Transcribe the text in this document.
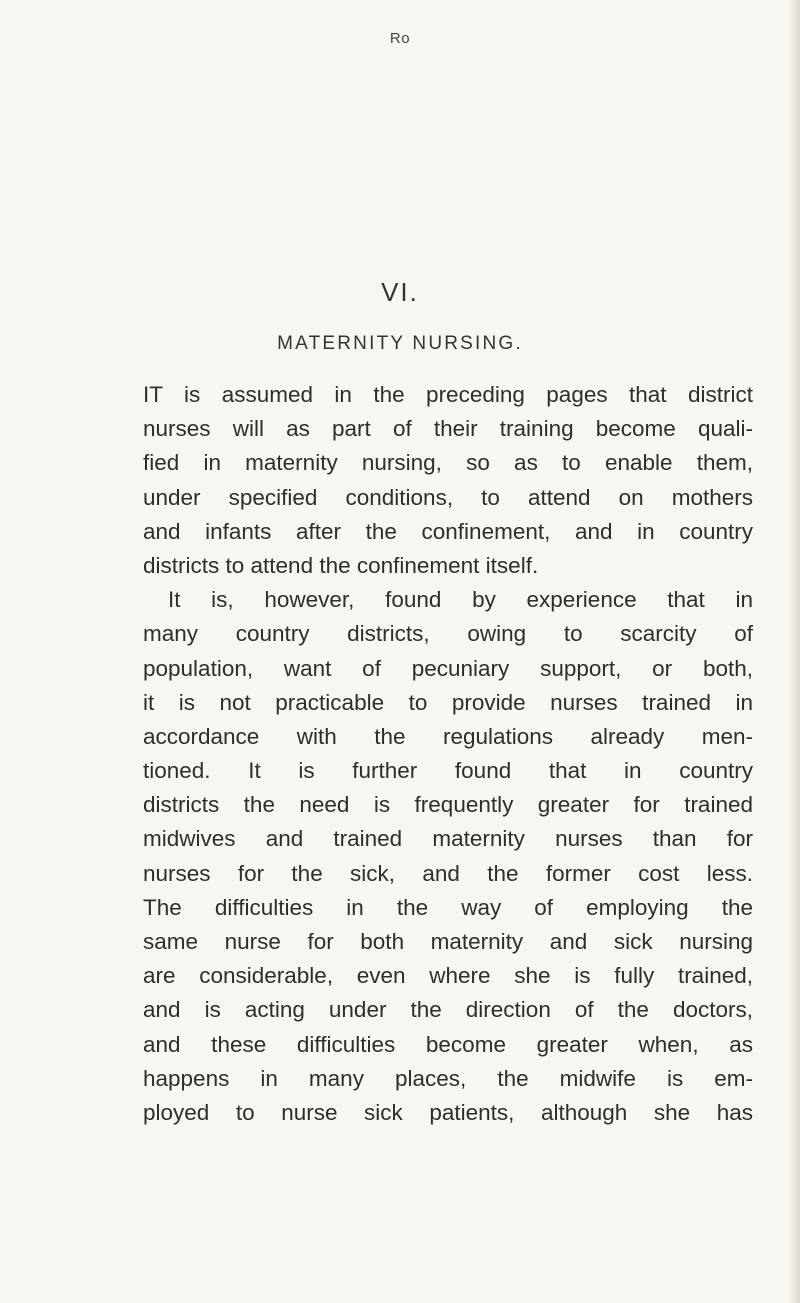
Ro
VI.
MATERNITY NURSING.
IT is assumed in the preceding pages that district
nurses will as part of their training become quali-
fied in maternity nursing, so as to enable them,
under specified conditions, to attend on mothers
and infants after the confinement, and in country
districts to attend the confinement itself.
It is, however, found by experience that in
many country districts, owing to scarcity of
population, want of pecuniary support, or both,
it is not practicable to provide nurses trained in
accordance with the regulations already men-
tioned. It is further found that in country
districts the need is frequently greater for trained
midwives and trained maternity nurses than for
nurses for the sick, and the former cost less.
The difficulties in the way of employing the
same nurse for both maternity and sick nursing
are considerable, even where she is fully trained,
and is acting under the direction of the doctors,
and these difficulties become greater when, as
happens in many places, the midwife is em-
ployed to nurse sick patients, although she has
